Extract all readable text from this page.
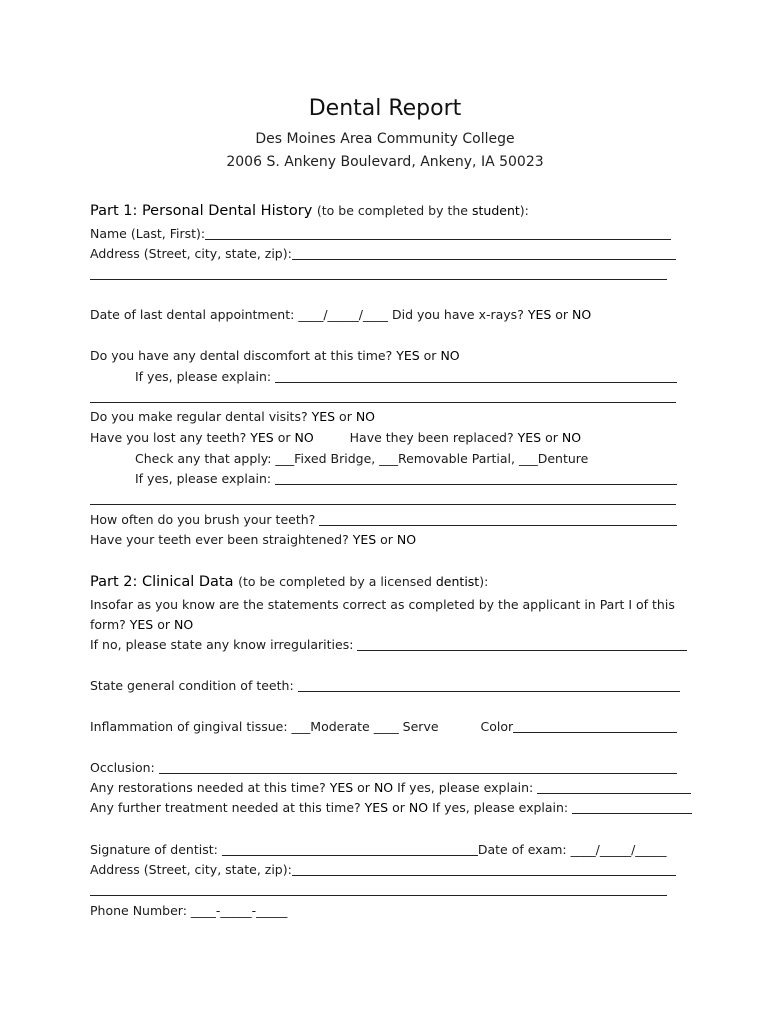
Dental Report
Des Moines Area Community College
2006 S. Ankeny Boulevard, Ankeny, IA 50023
Part 1: Personal Dental History (to be completed by the student):
Name (Last, First):
Address (Street, city, state, zip):
Date of last dental appointment: ____/_____/____ Did you have x-rays? YES or NO
Do you have any dental discomfort at this time? YES or NO
If yes, please explain:
Do you make regular dental visits? YES or NO
Have you lost any teeth? YES or NO	Have they been replaced? YES or NO
Check any that apply: ___Fixed Bridge, ___Removable Partial, ___Denture
If yes, please explain:
How often do you brush your teeth?
Have your teeth ever been straightened? YES or NO
Part 2: Clinical Data (to be completed by a licensed dentist):
Insofar as you know are the statements correct as completed by the applicant in Part I of this
form? YES or NO
If no, please state any know irregularities:
State general condition of teeth:
Inflammation of gingival tissue: ___Moderate ____ Serve	Color
Occlusion:
Any restorations needed at this time? YES or NO If yes, please explain:
Any further treatment needed at this time? YES or NO If yes, please explain:
Signature of dentist:	Date of exam: ____/_____/_____
Address (Street, city, state, zip):
Phone Number: ____-_____-_____
